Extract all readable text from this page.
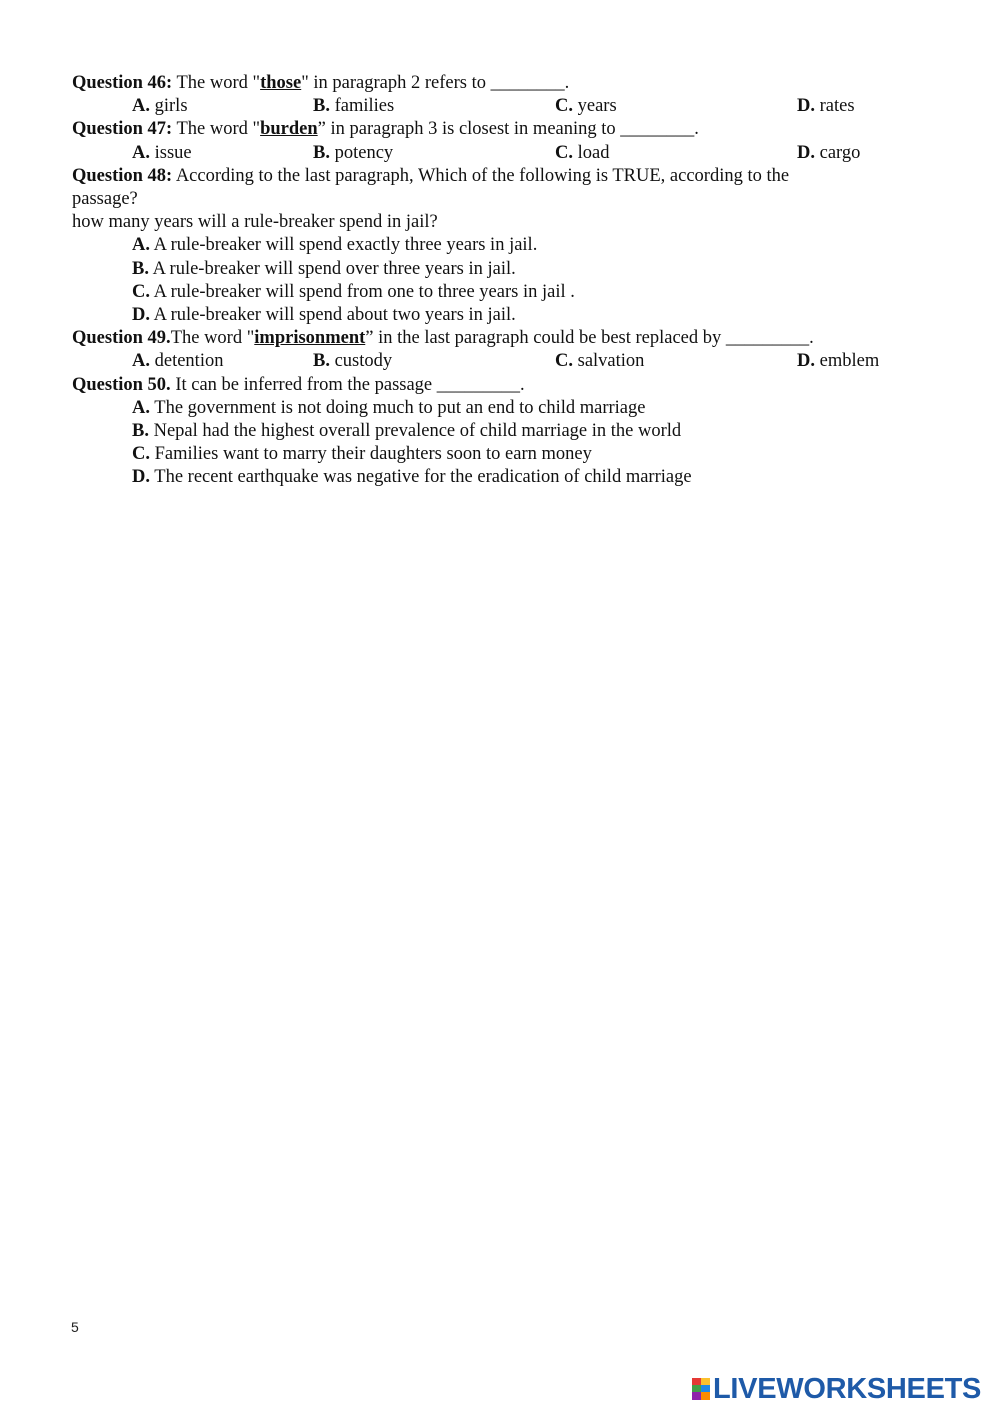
Question 46: The word "those" in paragraph 2 refers to ________.

A. girls	B. families	C. years	D. rates

Question 47: The word "burden” in paragraph 3 is closest in meaning to ________.

A. issue	B. potency	C. load	D. cargo

Question 48: According to the last paragraph, Which of the following is TRUE, according to the

passage?

how many years will a rule-breaker spend in jail?

A. A rule-breaker will spend exactly three years in jail.
B. A rule-breaker will spend over three years in jail.
C. A rule-breaker will spend from one to three years in jail .
D. A rule-breaker will spend about two years in jail.

Question 49.The word "imprisonment” in the last paragraph could be best replaced by _________.

A. detention	B. custody	C. salvation	D. emblem

Question 50. It can be inferred from the passage _________.

A. The government is not doing much to put an end to child marriage
B. Nepal had the highest overall prevalence of child marriage in the world
C. Families want to marry their daughters soon to earn money
D. The recent earthquake was negative for the eradication of child marriage
5
LIVEWORKSHEETS
